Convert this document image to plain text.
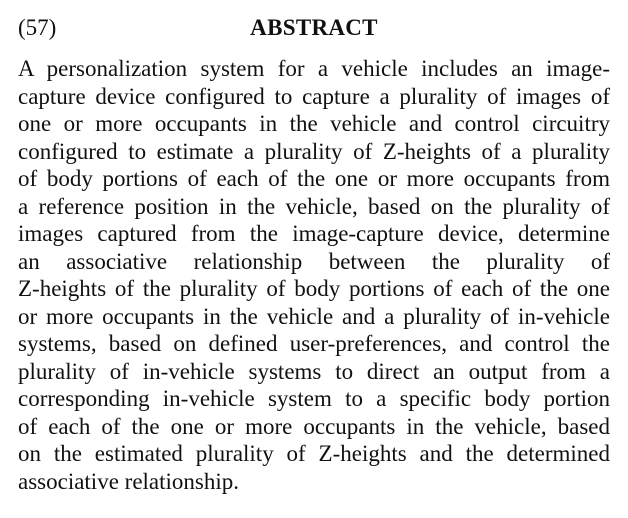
(57)	ABSTRACT
A personalization system for a vehicle includes an image-
capture device configured to capture a plurality of images of
one or more occupants in the vehicle and control circuitry
configured to estimate a plurality of Z-heights of a plurality
of body portions of each of the one or more occupants from
a reference position in the vehicle, based on the plurality of
images captured from the image-capture device, determine
an associative relationship between the plurality of
Z-heights of the plurality of body portions of each of the one
or more occupants in the vehicle and a plurality of in-vehicle
systems, based on defined user-preferences, and control the
plurality of in-vehicle systems to direct an output from a
corresponding in-vehicle system to a specific body portion
of each of the one or more occupants in the vehicle, based
on the estimated plurality of Z-heights and the determined
associative relationship.
